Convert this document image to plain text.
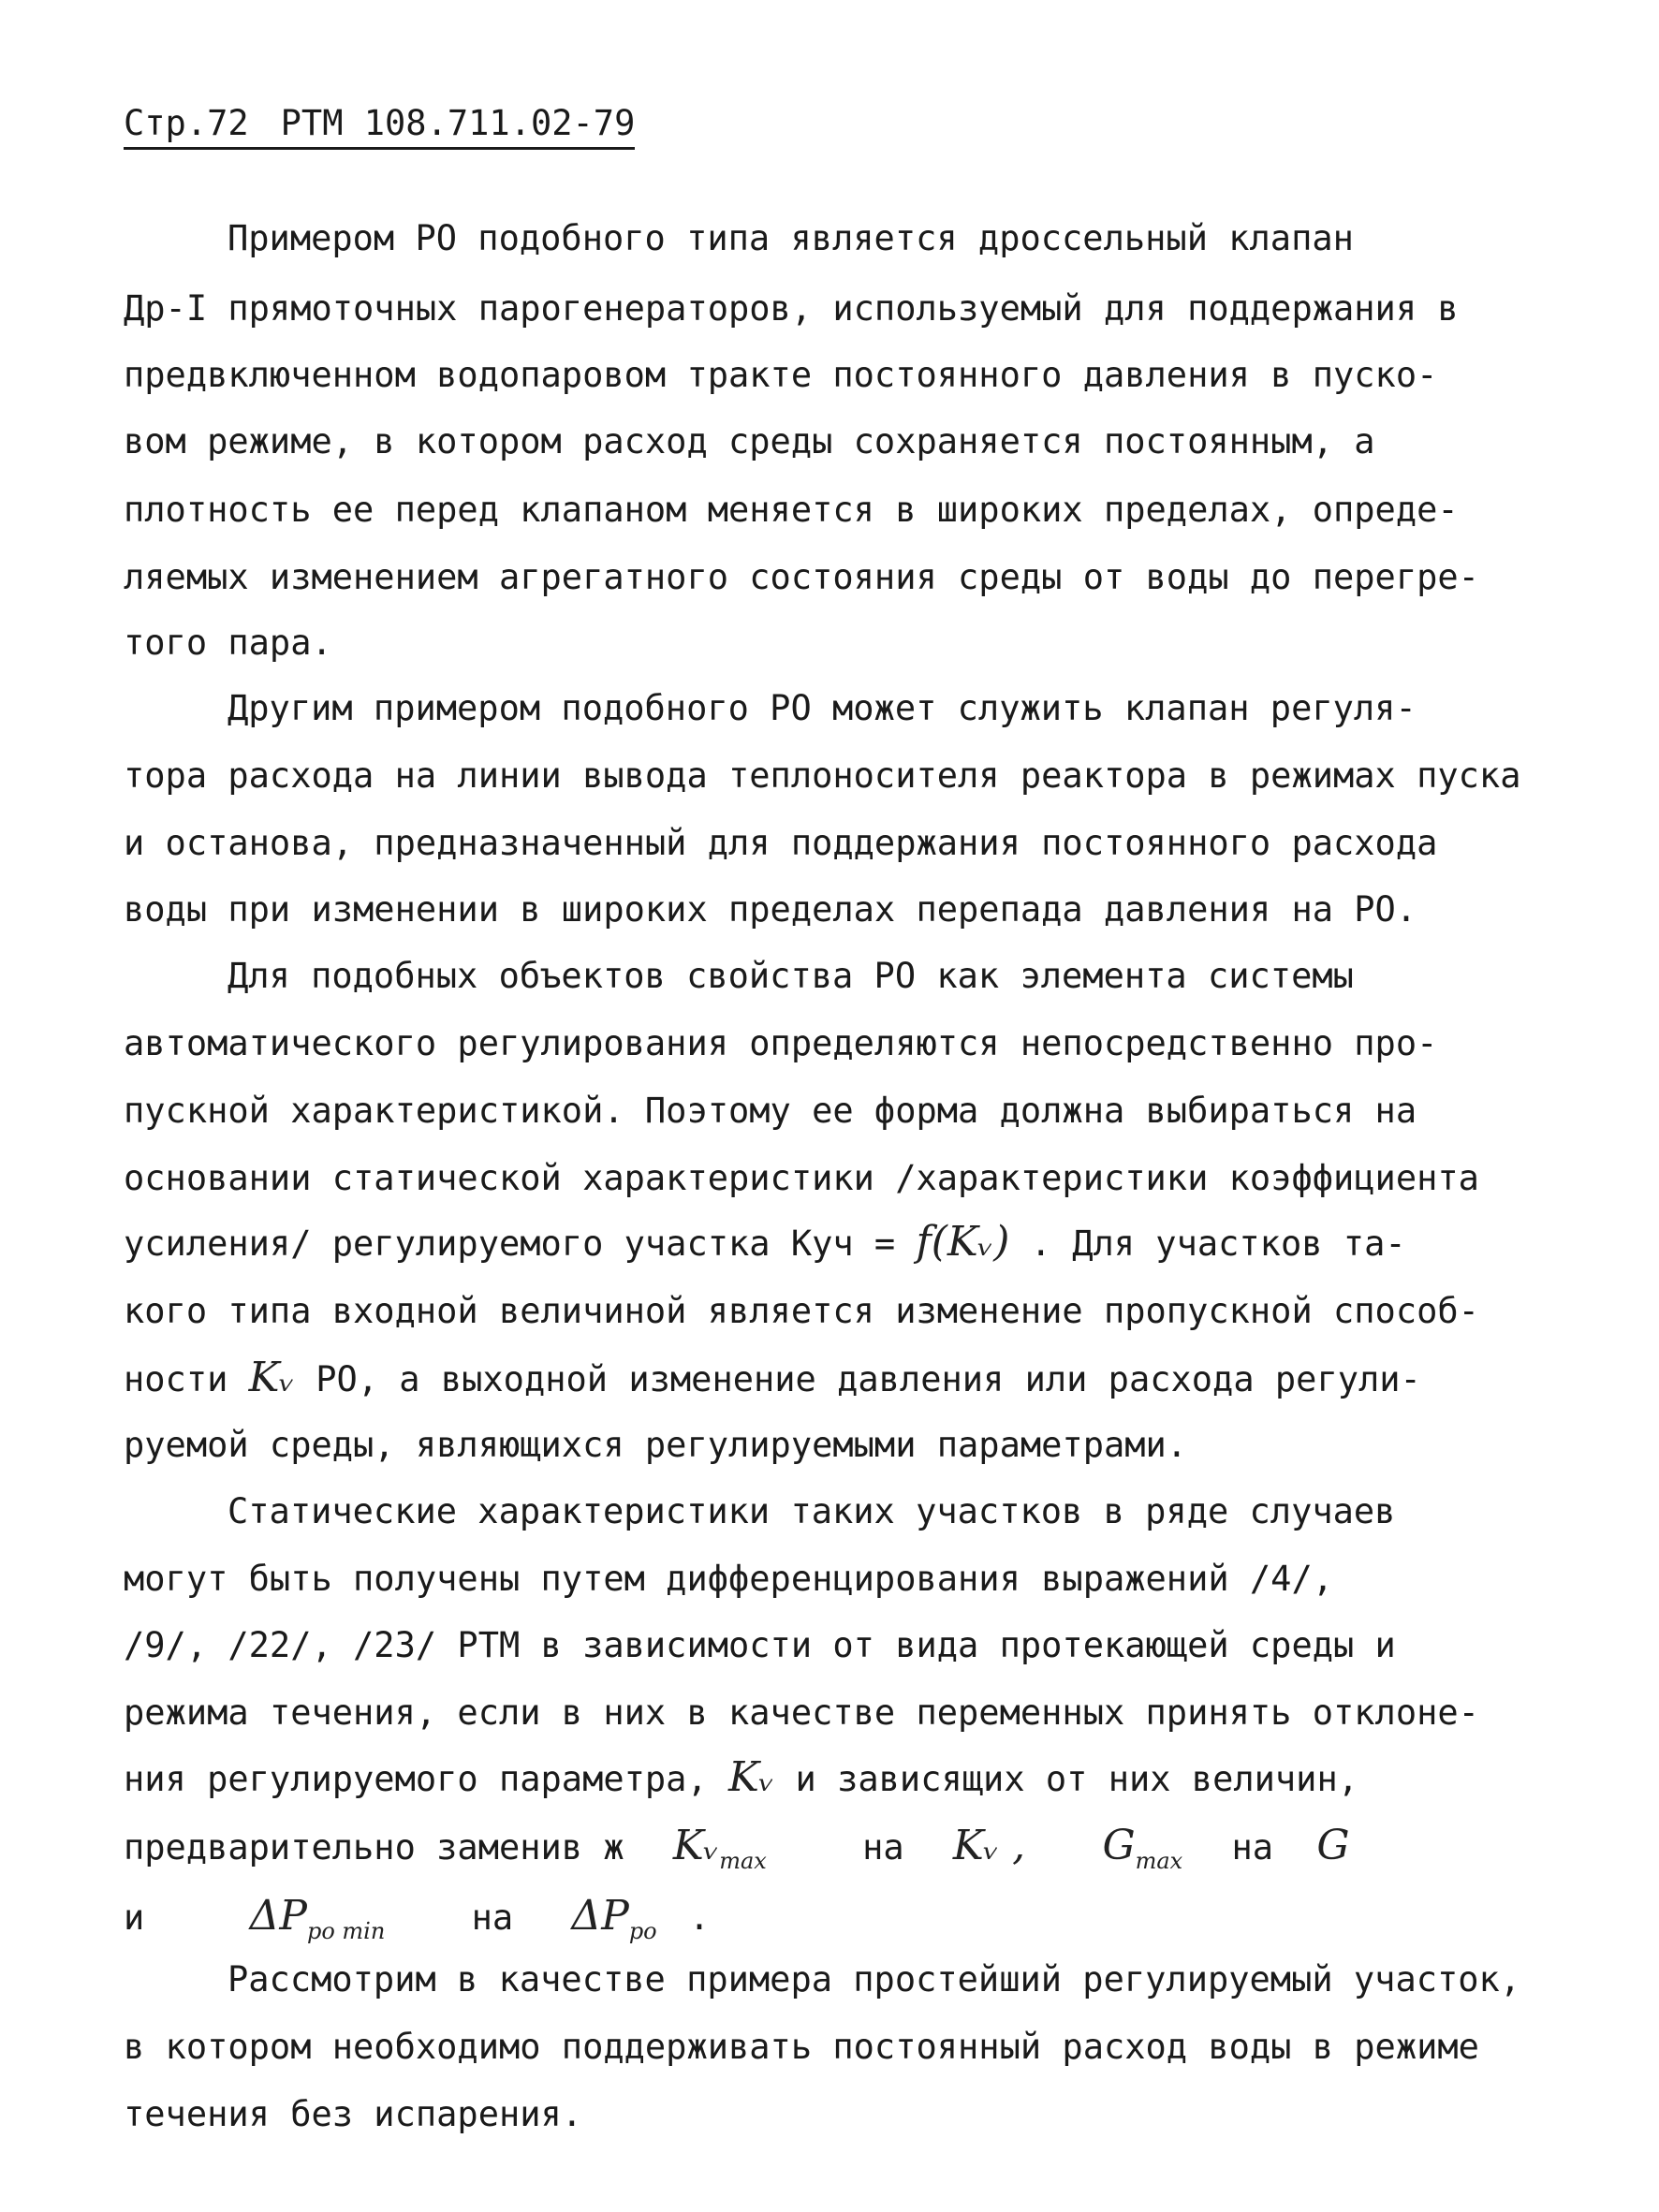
Стр.72 РТМ 108.711.02-79
Примером РО подобного типа является дроссельный клапан
Др-I прямоточных парогенераторов, используемый для поддержания в
предвключенном водопаровом тракте постоянного давления в пуско-
вом режиме, в котором расход среды сохраняется постоянным, а
плотность ее перед клапаном меняется в широких пределах, опреде-
ляемых изменением агрегатного состояния среды от воды до перегре-
того пара.
Другим примером подобного РО может служить клапан регуля-
тора расхода на линии вывода теплоносителя реактора в режимах пуска
и останова, предназначенный для поддержания постоянного расхода
воды при изменении в широких пределах перепада давления на РО.
Для подобных объектов свойства РО как элемента системы
автоматического регулирования определяются непосредственно про-
пускной характеристикой. Поэтому ее форма должна выбираться на
основании статической характеристики /характеристики коэффициента
усиления/ регулируемого участка Куч = f(Kᵥ) . Для участков та-
кого типа входной величиной является изменение пропускной способ-
ности Kᵥ РО, а выходной изменение давления или расхода регули-
руемой среды, являющихся регулируемыми параметрами.
Статические характеристики таких участков в ряде случаев
могут быть получены путем дифференцирования выражений /4/,
/9/, /22/, /23/ РТМ в зависимости от вида протекающей среды и
режима течения, если в них в качестве переменных принять отклоне-
ния регулируемого параметра, Kᵥ и зависящих от них величин,
предварительно заменив ж Kᵥ$_{max}$	на Kᵥ , $G_{max}$ на G
и	$\Delta P_{po min}$ на $\Delta P_{po}$ .
Рассмотрим в качестве примера простейший регулируемый участок,
в котором необходимо поддерживать постоянный расход воды в режиме
течения без испарения.
